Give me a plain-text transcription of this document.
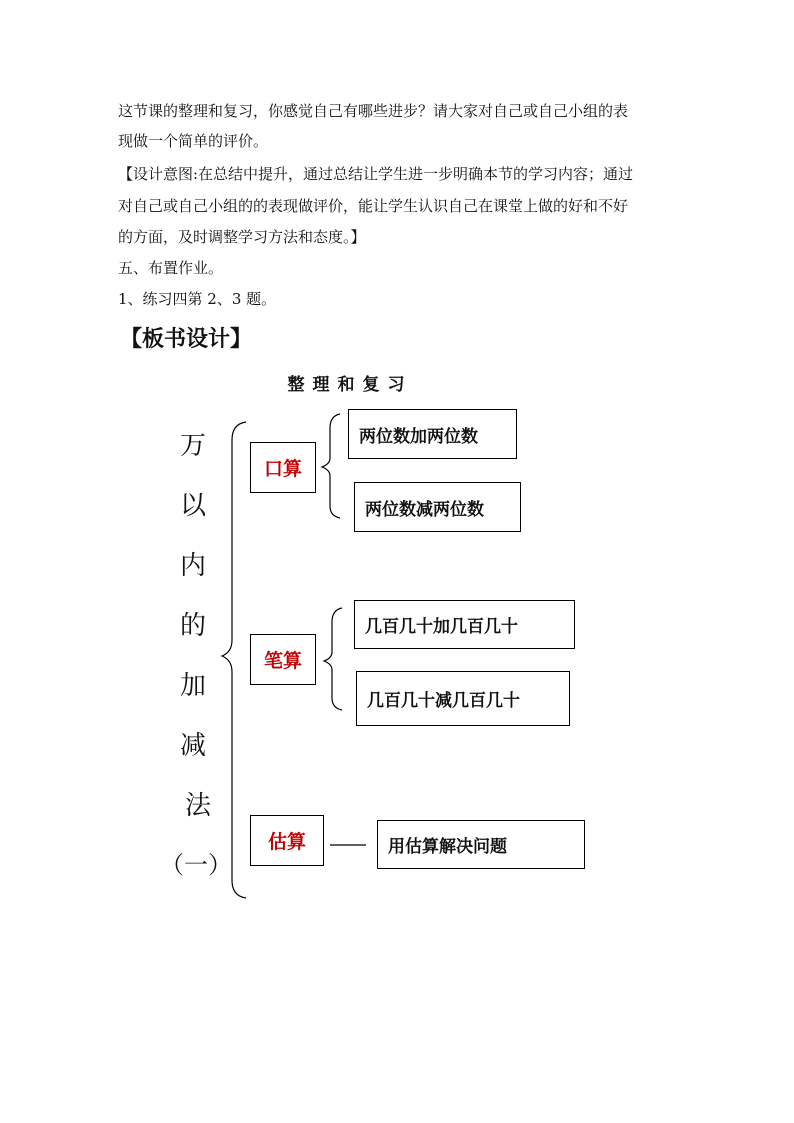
这节课的整理和复习，你感觉自己有哪些进步？请大家对自己或自己小组的表
现做一个简单的评价。
【设计意图:在总结中提升，通过总结让学生进一步明确本节的学习内容；通过
对自己或自己小组的的表现做评价，能让学生认识自己在课堂上做的好和不好
的方面，及时调整学习方法和态度。】
五、布置作业。
1、练习四第 2、3 题。
【板书设计】
整理和复习
万
以
内
的
加
减
法
（一）
口算
笔算
估算
两位数加两位数
两位数减两位数
几百几十加几百几十
几百几十减几百几十
用估算解决问题
